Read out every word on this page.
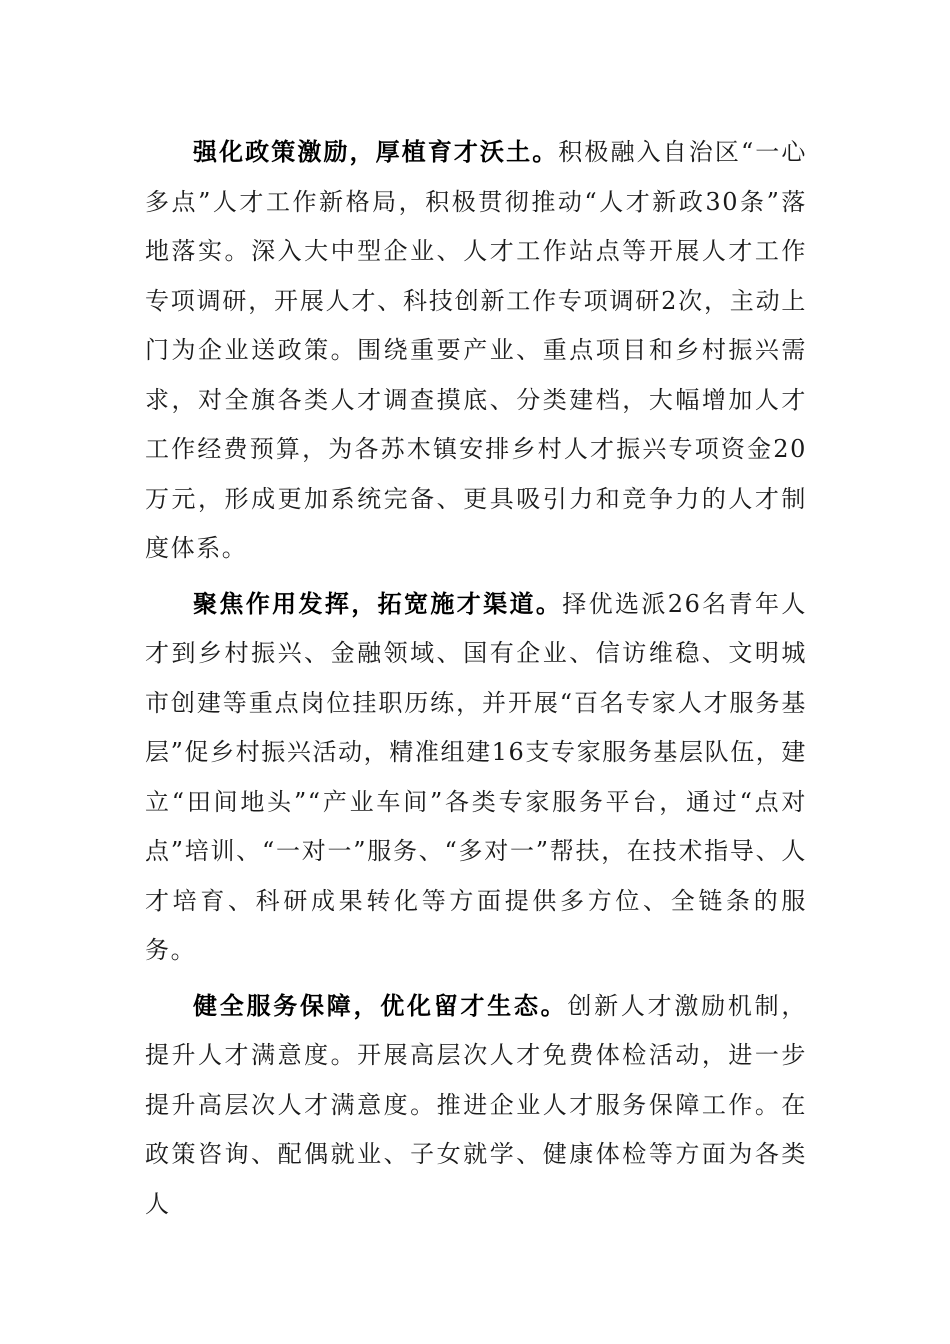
强化政策激励，厚植育才沃土。积极融入自治区“一心多点”人才工作新格局，积极贯彻推动“人才新政30条”落地落实。深入大中型企业、人才工作站点等开展人才工作专项调研，开展人才、科技创新工作专项调研2次，主动上门为企业送政策。围绕重要产业、重点项目和乡村振兴需求，对全旗各类人才调查摸底、分类建档，大幅增加人才工作经费预算，为各苏木镇安排乡村人才振兴专项资金20万元，形成更加系统完备、更具吸引力和竞争力的人才制度体系。

聚焦作用发挥，拓宽施才渠道。择优选派26名青年人才到乡村振兴、金融领域、国有企业、信访维稳、文明城市创建等重点岗位挂职历练，并开展“百名专家人才服务基层”促乡村振兴活动，精准组建16支专家服务基层队伍，建立“田间地头”“产业车间”各类专家服务平台，通过“点对点”培训、“一对一”服务、“多对一”帮扶，在技术指导、人才培育、科研成果转化等方面提供多方位、全链条的服务。

健全服务保障，优化留才生态。创新人才激励机制，提升人才满意度。开展高层次人才免费体检活动，进一步提升高层次人才满意度。推进企业人才服务保障工作。在政策咨询、配偶就业、子女就学、健康体检等方面为各类人
